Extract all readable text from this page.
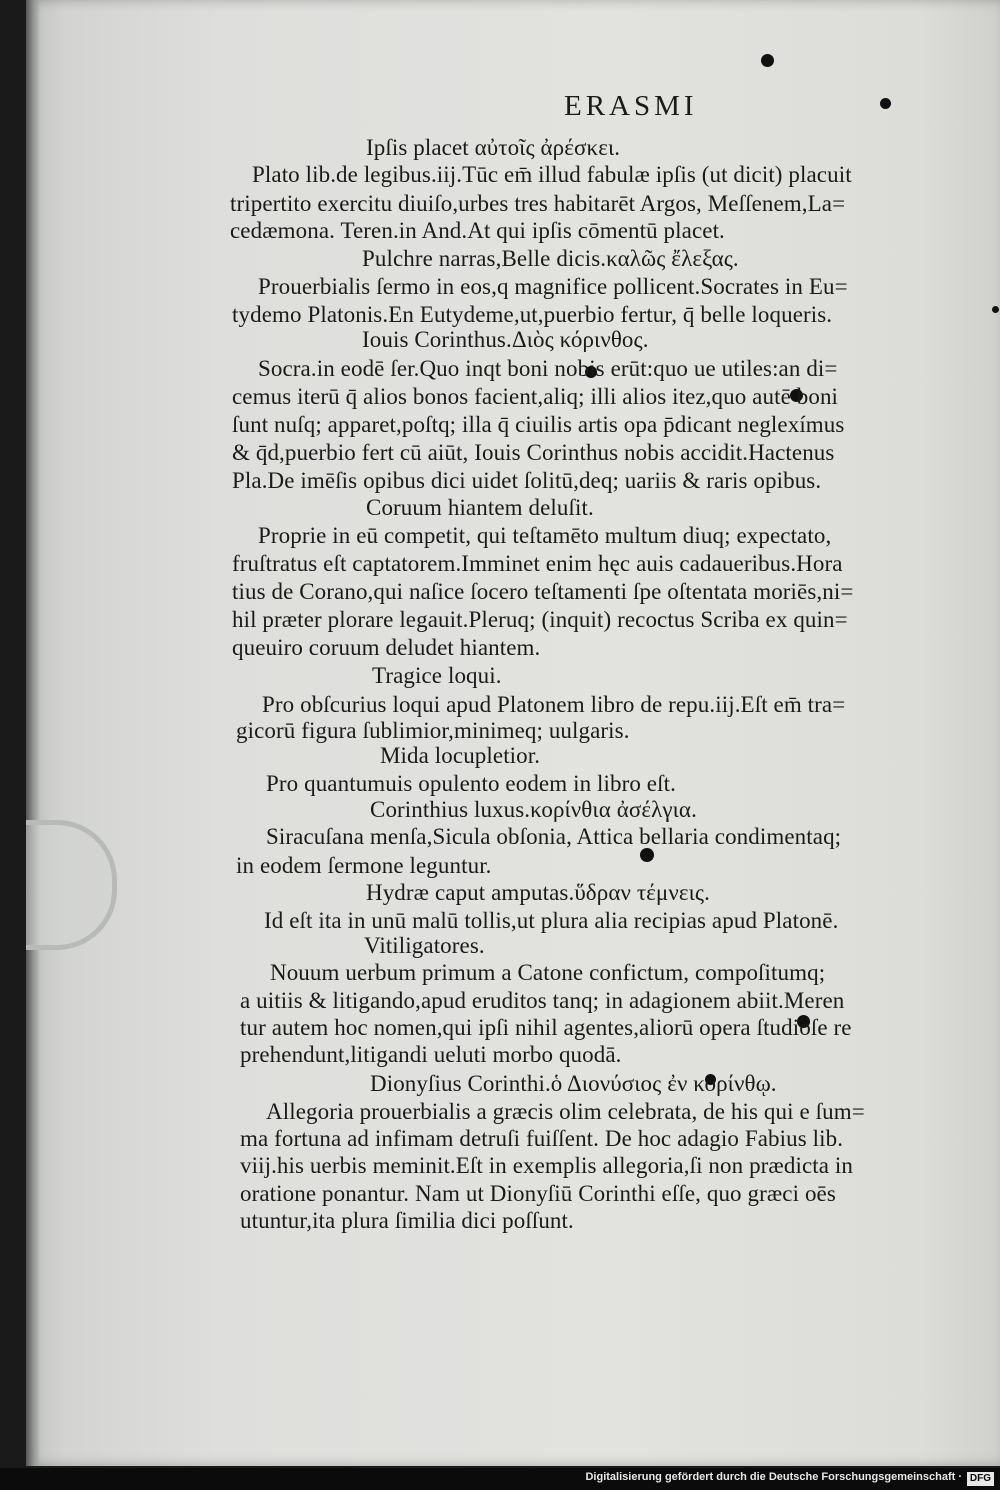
ERASMI
Ipſis placet αὐτοῖς ἀρέσκει.
Plato lib.de legibus.iij.Tūc em̄ illud fabulæ ipſis (ut dicit) placuit
tripertito exercitu diuiſo,urbes tres habitarēt Argos, Meſſenem,La=
cedæmona. Teren.in And.At qui ipſis cōmentū placet.
Pulchre narras,Belle dicis.καλῶς ἔλεξας.
Prouerbialis ſermo in eos,q magnifice pollicent.Socrates in Eu=
tydemo Platonis.En Eutydeme,ut,puerbio fertur, q̄ belle loqueris.
Iouis Corinthus.Διὸς κόρινθος.
Socra.in eodē ſer.Quo inqt boni nobis erūt:quo ue utiles:an di=
cemus iterū q̄ alios bonos facient,aliq; illi alios itez,quo autē boni
ſunt nuſq; apparet,poſtq; illa q̄ ciuilis artis opa p̄dicant neglexímus
& q̄d,puerbio fert cū aiūt, Iouis Corinthus nobis accidit.Hactenus
Pla.De imēſis opibus dici uidet ſolitū,deq; uariis & raris opibus.
Coruum hiantem deluſit.
Proprie in eū competit, qui teſtamēto multum diuq; expectato,
fruſtratus eſt captatorem.Imminet enim hęc auis cadaueribus.Hora
tius de Corano,qui naſice ſocero teſtamenti ſpe oſtentata moriēs,ni=
hil præter plorare legauit.Pleruq; (inquit) recoctus Scriba ex quin=
queuiro coruum deludet hiantem.
Tragice loqui.
Pro obſcurius loqui apud Platonem libro de repu.iij.Eſt em̄ tra=
gicorū figura ſublimior,minimeq; uulgaris.
Mida locupletior.
Pro quantumuis opulento eodem in libro eſt.
Corinthius luxus.κορίνθια ἀσέλγια.
Siracuſana menſa,Sicula obſonia, Attica bellaria condimentaq;
in eodem ſermone leguntur.
Hydræ caput amputas.ὕδραν τέμνεις.
Id eſt ita in unū malū tollis,ut plura alia recipias apud Platonē.
Vitiligatores.
Nouum uerbum primum a Catone confictum, compoſitumq;
a uitiis & litigando,apud eruditos tanq; in adagionem abiit.Meren
tur autem hoc nomen,qui ipſi nihil agentes,aliorū opera ſtudioſe re
prehendunt,litigandi ueluti morbo quodā.
Dionyſius Corinthi.ὁ Διονύσιος ἐν κορίνθῳ.
Allegoria prouerbialis a græcis olim celebrata, de his qui e ſum=
ma fortuna ad infimam detruſi fuiſſent. De hoc adagio Fabius lib.
viij.his uerbis meminit.Eſt in exemplis allegoria,ſi non prædicta in
oratione ponantur. Nam ut Dionyſiū Corinthi eſſe, quo græci oēs
utuntur,ita plura ſimilia dici poſſunt.
Digitalisierung gefördert durch die Deutsche Forschungsgemeinschaft · DFG
